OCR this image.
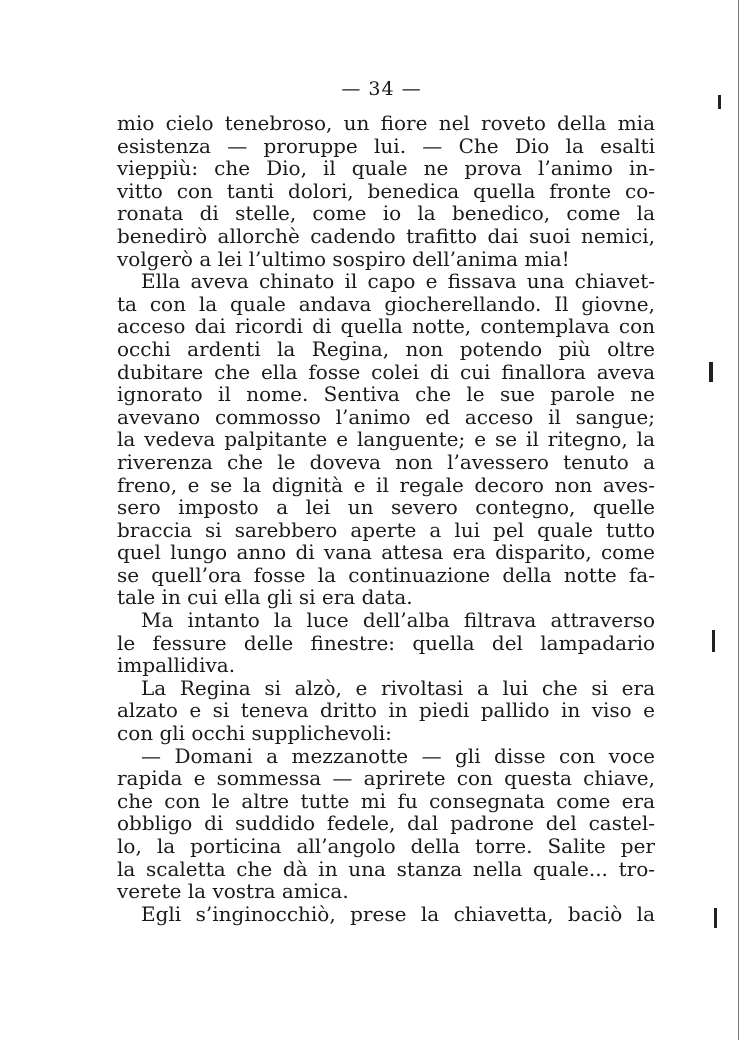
— 34 —
mio cielo tenebroso, un fiore nel roveto della mia
esistenza — proruppe lui. — Che Dio la esalti
vieppiù: che Dio, il quale ne prova l’animo in-
vitto con tanti dolori, benedica quella fronte co-
ronata di stelle, come io la benedico, come la
benedirò allorchè cadendo trafitto dai suoi nemici,
volgerò a lei l’ultimo sospiro dell’anima mia!
Ella aveva chinato il capo e fissava una chiavet-
ta con la quale andava giocherellando. Il giovne,
acceso dai ricordi di quella notte, contemplava con
occhi ardenti la Regina, non potendo più oltre
dubitare che ella fosse colei di cui finallora aveva
ignorato il nome. Sentiva che le sue parole ne
avevano commosso l’animo ed acceso il sangue;
la vedeva palpitante e languente; e se il ritegno, la
riverenza che le doveva non l’avessero tenuto a
freno, e se la dignità e il regale decoro non aves-
sero imposto a lei un severo contegno, quelle
braccia si sarebbero aperte a lui pel quale tutto
quel lungo anno di vana attesa era disparito, come
se quell’ora fosse la continuazione della notte fa-
tale in cui ella gli si era data.
Ma intanto la luce dell’alba filtrava attraverso
le fessure delle finestre: quella del lampadario
impallidiva.
La Regina si alzò, e rivoltasi a lui che si era
alzato e si teneva dritto in piedi pallido in viso e
con gli occhi supplichevoli:
— Domani a mezzanotte — gli disse con voce
rapida e sommessa — aprirete con questa chiave,
che con le altre tutte mi fu consegnata come era
obbligo di suddido fedele, dal padrone del castel-
lo, la porticina all’angolo della torre. Salite per
la scaletta che dà in una stanza nella quale... tro-
verete la vostra amica.
Egli s’inginocchiò, prese la chiavetta, baciò la
